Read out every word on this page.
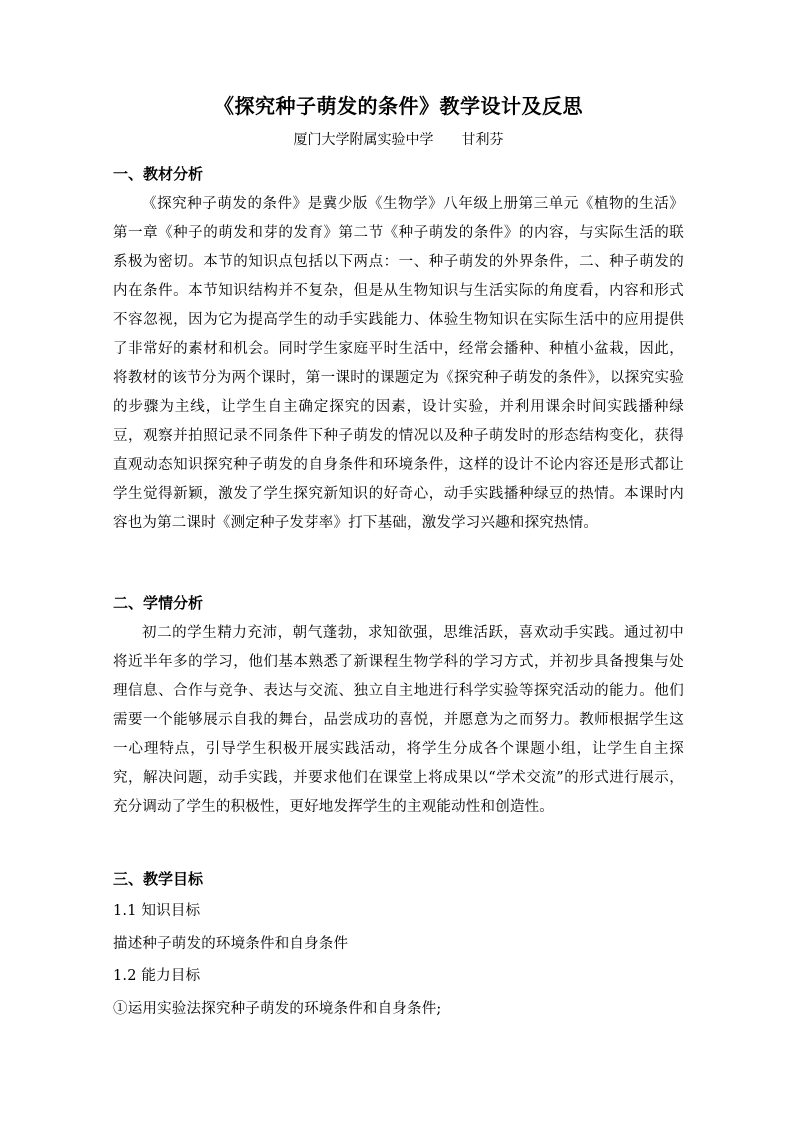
《探究种子萌发的条件》教学设计及反思
厦门大学附属实验中学　　甘利芬
一、教材分析

《探究种子萌发的条件》是冀少版《生物学》八年级上册第三单元《植物的生活》第一章《种子的萌发和芽的发育》第二节《种子萌发的条件》的内容，与实际生活的联系极为密切。本节的知识点包括以下两点：一、种子萌发的外界条件，二、种子萌发的内在条件。本节知识结构并不复杂，但是从生物知识与生活实际的角度看，内容和形式不容忽视，因为它为提高学生的动手实践能力、体验生物知识在实际生活中的应用提供了非常好的素材和机会。同时学生家庭平时生活中，经常会播种、种植小盆栽，因此，将教材的该节分为两个课时，第一课时的课题定为《探究种子萌发的条件》，以探究实验的步骤为主线，让学生自主确定探究的因素，设计实验，并利用课余时间实践播种绿豆，观察并拍照记录不同条件下种子萌发的情况以及种子萌发时的形态结构变化，获得直观动态知识探究种子萌发的自身条件和环境条件，这样的设计不论内容还是形式都让学生觉得新颖，激发了学生探究新知识的好奇心，动手实践播种绿豆的热情。本课时内容也为第二课时《测定种子发芽率》打下基础，激发学习兴趣和探究热情。

二、学情分析

初二的学生精力充沛，朝气蓬勃，求知欲强，思维活跃，喜欢动手实践。通过初中将近半年多的学习，他们基本熟悉了新课程生物学科的学习方式，并初步具备搜集与处理信息、合作与竞争、表达与交流、独立自主地进行科学实验等探究活动的能力。他们需要一个能够展示自我的舞台，品尝成功的喜悦，并愿意为之而努力。教师根据学生这一心理特点，引导学生积极开展实践活动，将学生分成各个课题小组，让学生自主探究，解决问题，动手实践，并要求他们在课堂上将成果以“学术交流”的形式进行展示，充分调动了学生的积极性，更好地发挥学生的主观能动性和创造性。

三、教学目标

1.1 知识目标

描述种子萌发的环境条件和自身条件

1.2 能力目标

①运用实验法探究种子萌发的环境条件和自身条件;
